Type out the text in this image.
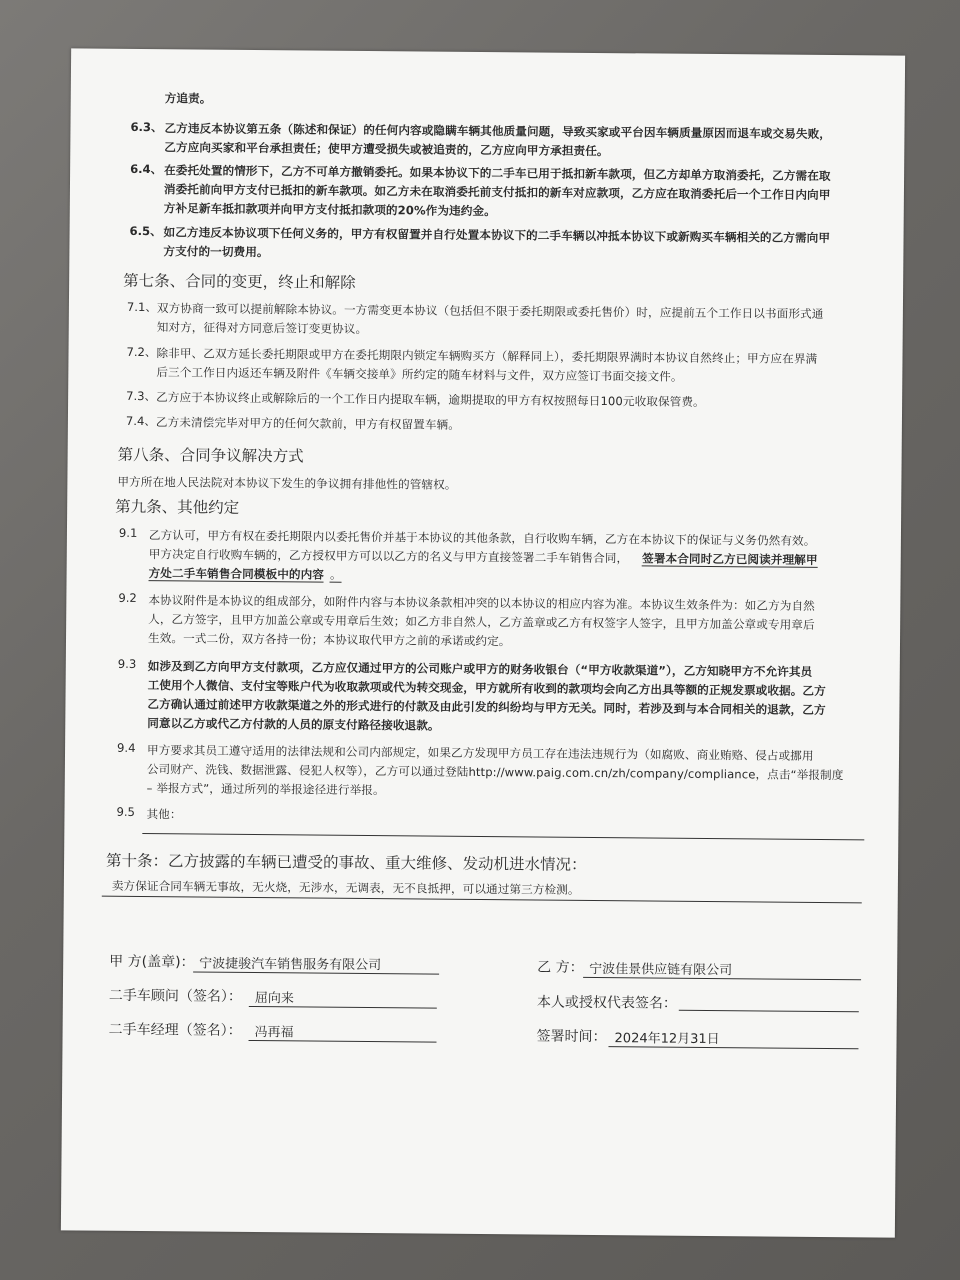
方追责。
6.3、 乙方违反本协议第五条（陈述和保证）的任何内容或隐瞒车辆其他质量问题，导致买家或平台因车辆质量原因而退车或交易失败，
乙方应向买家和平台承担责任；使甲方遭受损失或被追责的，乙方应向甲方承担责任。
6.4、 在委托处置的情形下，乙方不可单方撤销委托。如果本协议下的二手车已用于抵扣新车款项，但乙方却单方取消委托，乙方需在取
消委托前向甲方支付已抵扣的新车款项。如乙方未在取消委托前支付抵扣的新车对应款项，乙方应在取消委托后一个工作日内向甲
方补足新车抵扣款项并向甲方支付抵扣款项的20%作为违约金。
6.5、 如乙方违反本协议项下任何义务的，甲方有权留置并自行处置本协议下的二手车辆以冲抵本协议下或新购买车辆相关的乙方需向甲
方支付的一切费用。
第七条、合同的变更，终止和解除
7.1、 双方协商一致可以提前解除本协议。一方需变更本协议（包括但不限于委托期限或委托售价）时，应提前五个工作日以书面形式通
知对方，征得对方同意后签订变更协议。
7.2、 除非甲、乙双方延长委托期限或甲方在委托期限内锁定车辆购买方（解释同上），委托期限界满时本协议自然终止；甲方应在界满
后三个工作日内返还车辆及附件《车辆交接单》所约定的随车材料与文件，双方应签订书面交接文件。
7.3、 乙方应于本协议终止或解除后的一个工作日内提取车辆，逾期提取的甲方有权按照每日100元收取保管费。
7.4、 乙方未清偿完毕对甲方的任何欠款前，甲方有权留置车辆。
第八条、合同争议解决方式
甲方所在地人民法院对本协议下发生的争议拥有排他性的管辖权。
第九条、其他约定
9.1 乙方认可，甲方有权在委托期限内以委托售价并基于本协议的其他条款，自行收购车辆，乙方在本协议下的保证与义务仍然有效。
甲方决定自行收购车辆的，乙方授权甲方可以以乙方的名义与甲方直接签署二手车销售合同， 签署本合同时乙方已阅读并理解甲
方处二手车销售合同模板中的内容 。
9.2 本协议附件是本协议的组成部分，如附件内容与本协议条款相冲突的以本协议的相应内容为准。本协议生效条件为：如乙方为自然
人，乙方签字，且甲方加盖公章或专用章后生效；如乙方非自然人，乙方盖章或乙方有权签字人签字，且甲方加盖公章或专用章后
生效。一式二份，双方各持一份；本协议取代甲方之前的承诺或约定。
9.3 如涉及到乙方向甲方支付款项，乙方应仅通过甲方的公司账户或甲方的财务收银台（“甲方收款渠道”），乙方知晓甲方不允许其员
工使用个人微信、支付宝等账户代为收取款项或代为转交现金，甲方就所有收到的款项均会向乙方出具等额的正规发票或收据。乙方
乙方确认通过前述甲方收款渠道之外的形式进行的付款及由此引发的纠纷均与甲方无关。同时，若涉及到与本合同相关的退款，乙方
同意以乙方或代乙方付款的人员的原支付路径接收退款。
9.4 甲方要求其员工遵守适用的法律法规和公司内部规定，如果乙方发现甲方员工存在违法违规行为（如腐败、商业贿赂、侵占或挪用
公司财产、洗钱、数据泄露、侵犯人权等），乙方可以通过登陆http://www.paig.com.cn/zh/company/compliance，点击“举报制度
– 举报方式”，通过所列的举报途径进行举报。
9.5 其他：
第十条：乙方披露的车辆已遭受的事故、重大维修、发动机进水情况：
卖方保证合同车辆无事故，无火烧，无涉水，无调表，无不良抵押，可以通过第三方检测。
甲 方(盖章)： 宁波捷骏汽车销售服务有限公司	乙 方： 宁波佳景供应链有限公司
二手车顾问（签名）： 屈向来	本人或授权代表签名：
二手车经理（签名）： 冯再福	签署时间： 2024年12月31日
